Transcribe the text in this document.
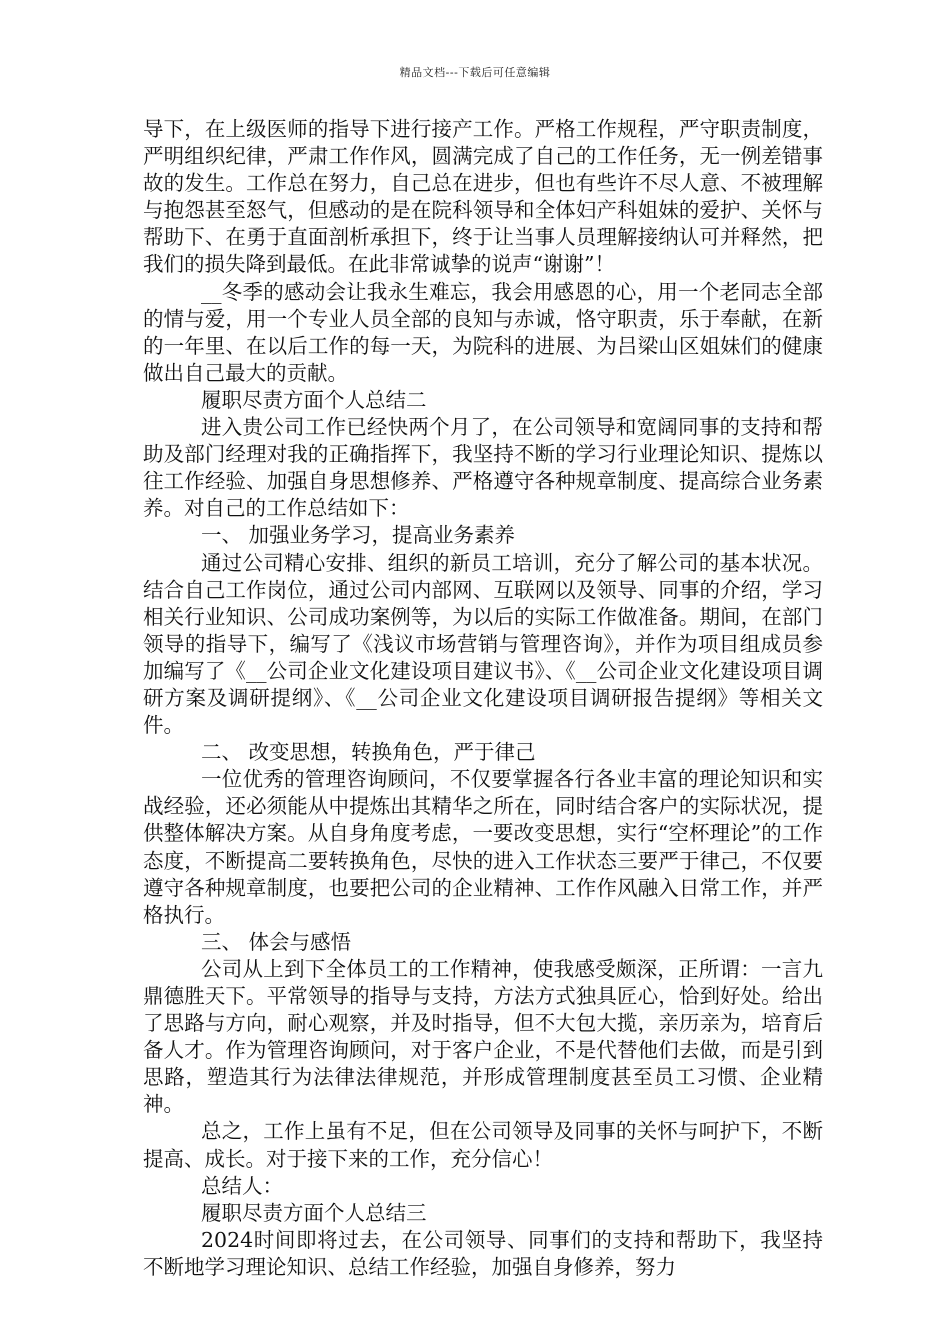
精品文档---下载后可任意编辑

导下，在上级医师的指导下进行接产工作。严格工作规程，严守职责制度，严明组织纪律，严肃工作作风，圆满完成了自己的工作任务，无一例差错事故的发生。工作总在努力，自己总在进步，但也有些许不尽人意、不被理解与抱怨甚至怒气，但感动的是在院科领导和全体妇产科姐妹的爱护、关怀与帮助下、在勇于直面剖析承担下，终于让当事人员理解接纳认可并释然，把我们的损失降到最低。在此非常诚挚的说声“谢谢”！

__冬季的感动会让我永生难忘，我会用感恩的心，用一个老同志全部的情与爱，用一个专业人员全部的良知与赤诚，恪守职责，乐于奉献，在新的一年里、在以后工作的每一天，为院科的进展、为吕梁山区姐妹们的健康做出自己最大的贡献。

履职尽责方面个人总结二

进入贵公司工作已经快两个月了，在公司领导和宽阔同事的支持和帮助及部门经理对我的正确指挥下，我坚持不断的学习行业理论知识、提炼以往工作经验、加强自身思想修养、严格遵守各种规章制度、提高综合业务素养。对自己的工作总结如下：

一、 加强业务学习，提高业务素养

通过公司精心安排、组织的新员工培训，充分了解公司的基本状况。结合自己工作岗位，通过公司内部网、互联网以及领导、同事的介绍，学习相关行业知识、公司成功案例等，为以后的实际工作做准备。期间，在部门领导的指导下，编写了《浅议市场营销与管理咨询》，并作为项目组成员参加编写了《__公司企业文化建设项目建议书》、《__公司企业文化建设项目调研方案及调研提纲》、《__公司企业文化建设项目调研报告提纲》等相关文件。

二、 改变思想，转换角色，严于律己

一位优秀的管理咨询顾问，不仅要掌握各行各业丰富的理论知识和实战经验，还必须能从中提炼出其精华之所在，同时结合客户的实际状况，提供整体解决方案。从自身角度考虑，一要改变思想，实行“空杯理论”的工作态度，不断提高二要转换角色，尽快的进入工作状态三要严于律己，不仅要遵守各种规章制度，也要把公司的企业精神、工作作风融入日常工作，并严格执行。

三、 体会与感悟

公司从上到下全体员工的工作精神，使我感受颇深，正所谓：一言九鼎德胜天下。平常领导的指导与支持，方法方式独具匠心，恰到好处。给出了思路与方向，耐心观察，并及时指导，但不大包大揽，亲历亲为，培育后备人才。作为管理咨询顾问，对于客户企业，不是代替他们去做，而是引到思路，塑造其行为法律法律规范，并形成管理制度甚至员工习惯、企业精神。

总之，工作上虽有不足，但在公司领导及同事的关怀与呵护下，不断提高、成长。对于接下来的工作，充分信心！

总结人：

履职尽责方面个人总结三

2024时间即将过去，在公司领导、同事们的支持和帮助下，我坚持不断地学习理论知识、总结工作经验，加强自身修养，努力
